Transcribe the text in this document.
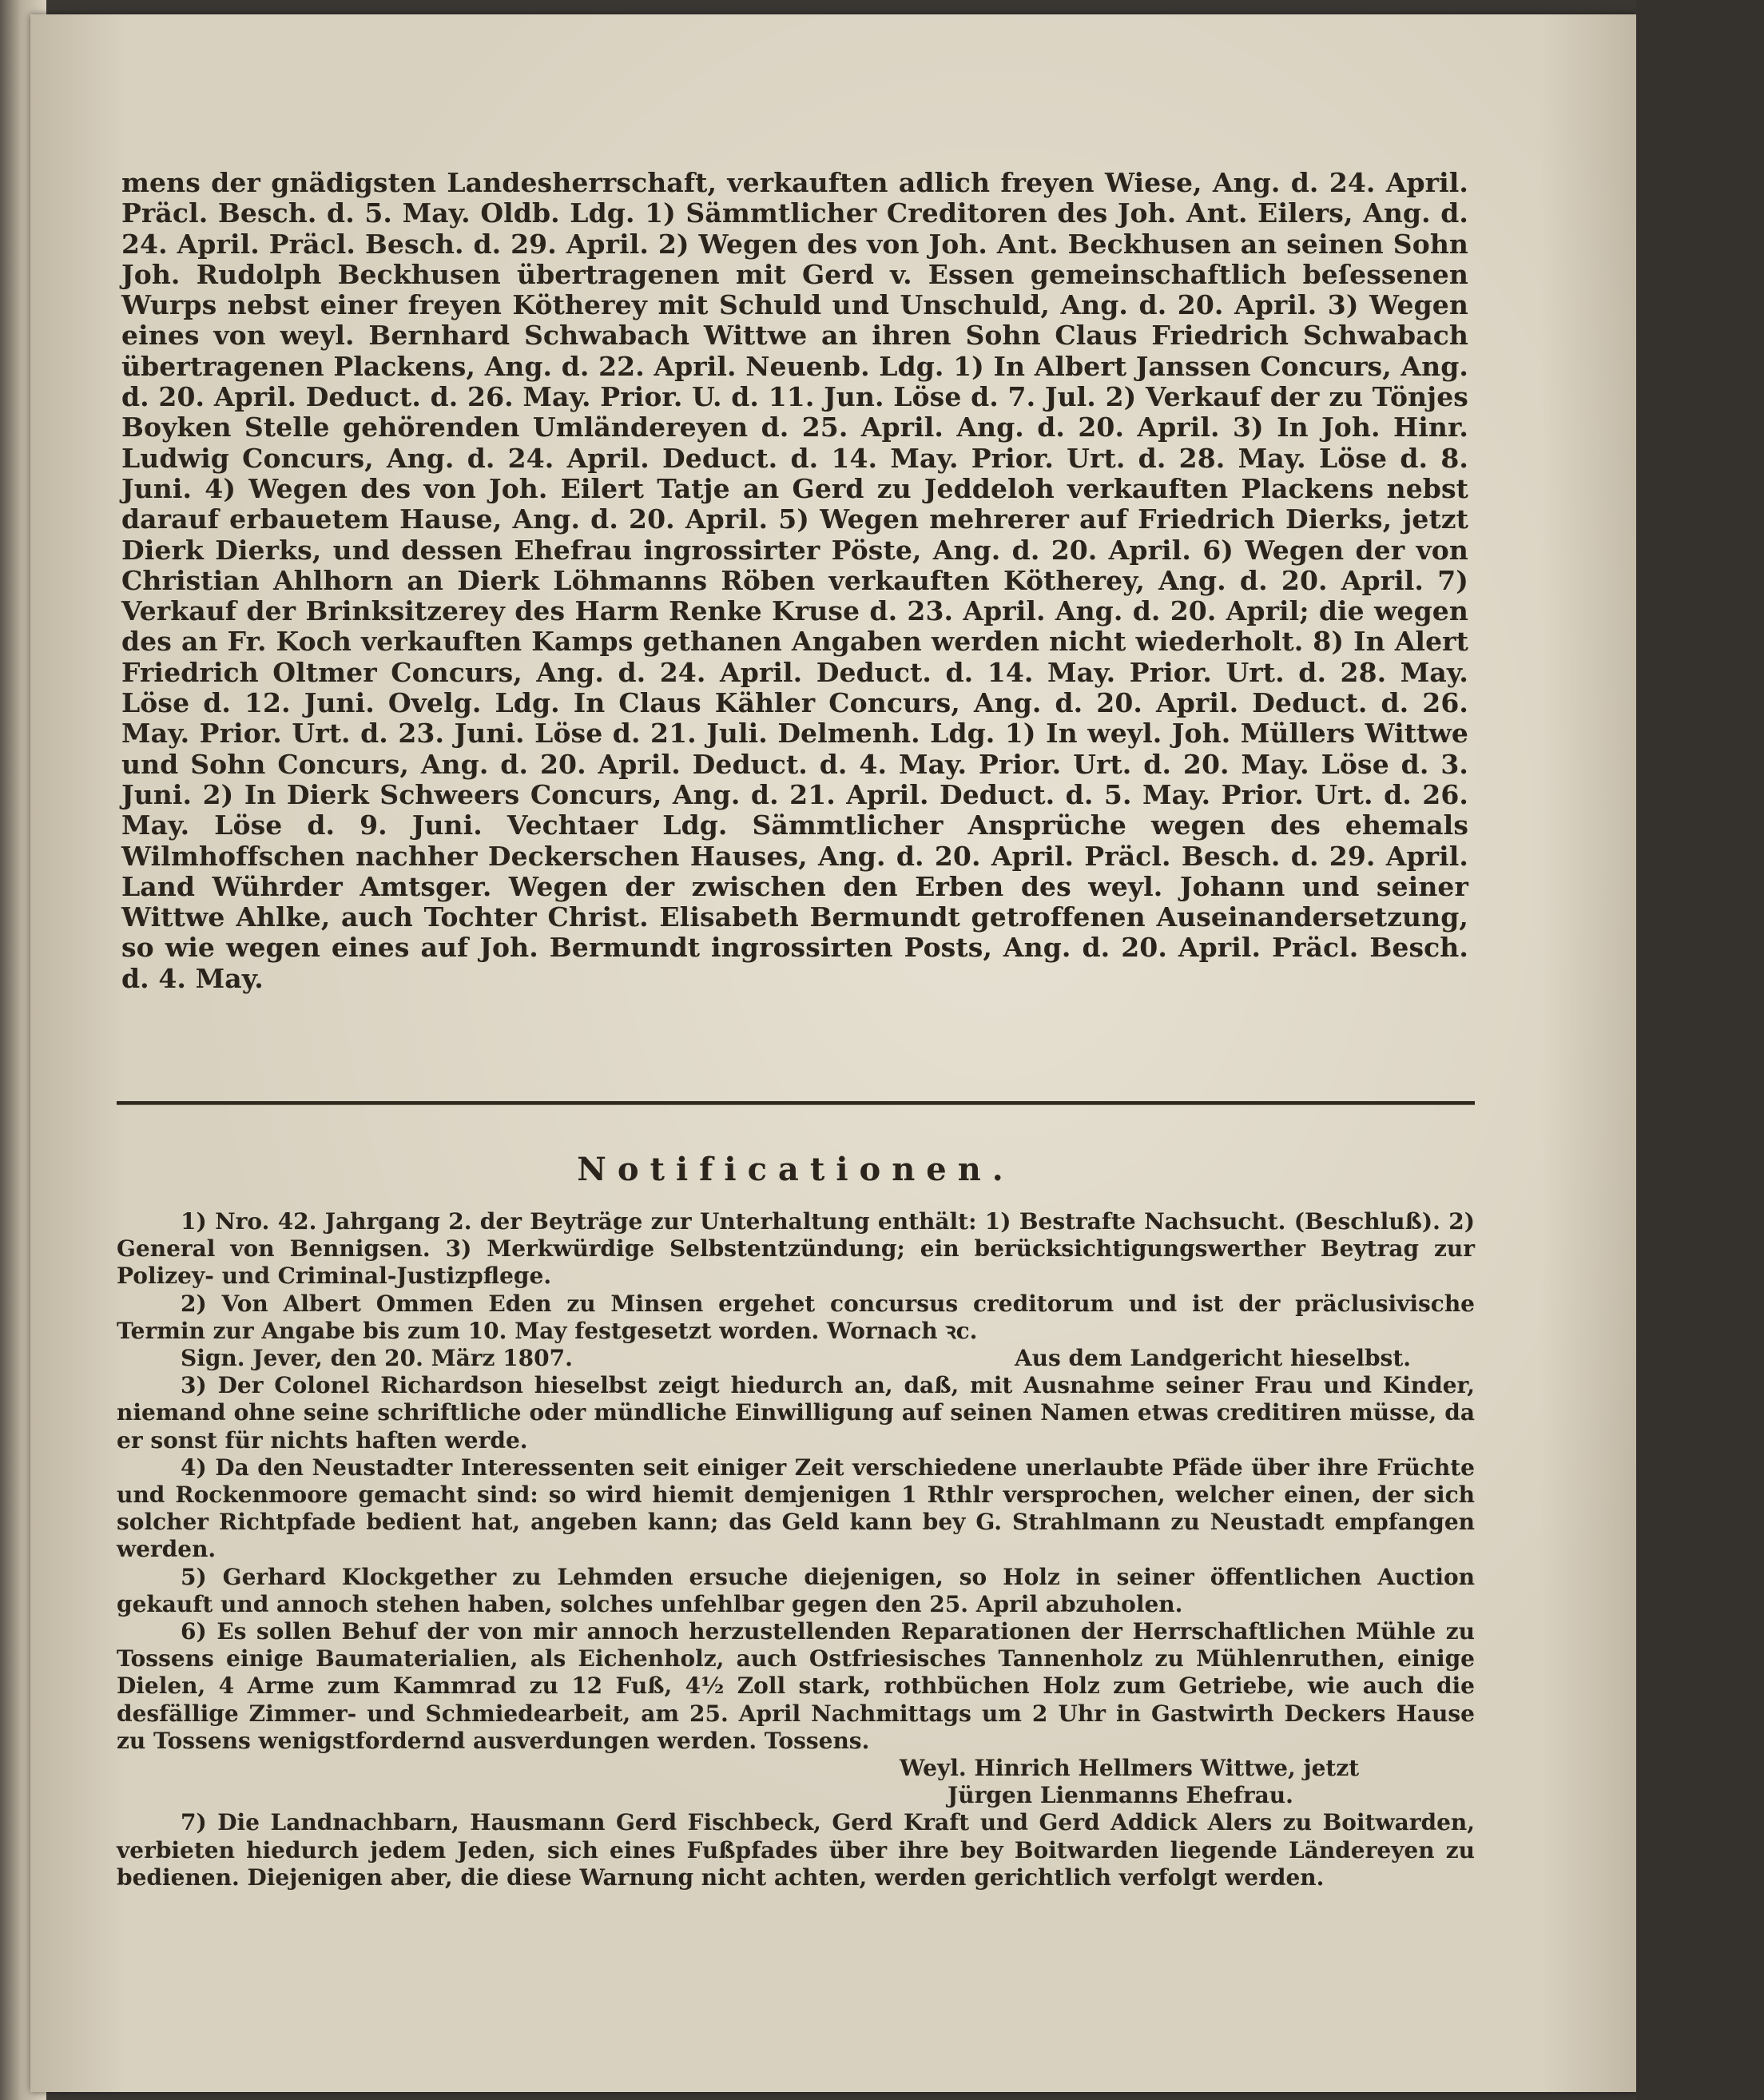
mens der gnädigsten Landesherrschaft, verkauften adlich freyen Wiese, Ang. d. 24. April. Präcl. Besch. d. 5. May. Oldb. Ldg. 1) Sämmtlicher Creditoren des Joh. Ant. Eilers, Ang. d. 24. April. Präcl. Besch. d. 29. April. 2) Wegen des von Joh. Ant. Beckhusen an seinen Sohn Joh. Rudolph Beckhusen übertragenen mit Gerd v. Essen gemeinschaftlich beſessenen Wurps nebst einer freyen Kötherey mit Schuld und Unschuld, Ang. d. 20. April. 3) Wegen eines von weyl. Bernhard Schwabach Wittwe an ihren Sohn Claus Friedrich Schwabach übertragenen Plackens, Ang. d. 22. April. Neuenb. Ldg. 1) In Albert Janssen Concurs, Ang. d. 20. April. Deduct. d. 26. May. Prior. U. d. 11. Jun. Löse d. 7. Jul. 2) Verkauf der zu Tönjes Boyken Stelle gehörenden Umländereyen d. 25. April. Ang. d. 20. April. 3) In Joh. Hinr. Ludwig Concurs, Ang. d. 24. April. Deduct. d. 14. May. Prior. Urt. d. 28. May. Löse d. 8. Juni. 4) Wegen des von Joh. Eilert Tatje an Gerd zu Jeddeloh verkauften Plackens nebst darauf erbauetem Hause, Ang. d. 20. April. 5) Wegen mehrerer auf Friedrich Dierks, jetzt Dierk Dierks, und dessen Ehefrau ingrossirter Pöste, Ang. d. 20. April. 6) Wegen der von Christian Ahlhorn an Dierk Löhmanns Röben verkauften Kötherey, Ang. d. 20. April. 7) Verkauf der Brinksitzerey des Harm Renke Kruse d. 23. April. Ang. d. 20. April; die wegen des an Fr. Koch verkauften Kamps gethanen Angaben werden nicht wiederholt. 8) In Alert Friedrich Oltmer Concurs, Ang. d. 24. April. Deduct. d. 14. May. Prior. Urt. d. 28. May. Löse d. 12. Juni. Ovelg. Ldg. In Claus Kähler Concurs, Ang. d. 20. April. Deduct. d. 26. May. Prior. Urt. d. 23. Juni. Löse d. 21. Juli. Delmenh. Ldg. 1) In weyl. Joh. Müllers Wittwe und Sohn Concurs, Ang. d. 20. April. Deduct. d. 4. May. Prior. Urt. d. 20. May. Löse d. 3. Juni. 2) In Dierk Schweers Concurs, Ang. d. 21. April. Deduct. d. 5. May. Prior. Urt. d. 26. May. Löse d. 9. Juni. Vechtaer Ldg. Sämmtlicher Ansprüche wegen des ehemals Wilmhoffschen nachher Deckerschen Hauses, Ang. d. 20. April. Präcl. Besch. d. 29. April. Land Wührder Amtsger. Wegen der zwischen den Erben des weyl. Johann und seiner Wittwe Ahlke, auch Tochter Christ. Elisabeth Bermundt getroffenen Auseinandersetzung, so wie wegen eines auf Joh. Bermundt ingrossirten Posts, Ang. d. 20. April. Präcl. Besch. d. 4. May.

Notificationen.

1) Nro. 42. Jahrgang 2. der Beyträge zur Unterhaltung enthält: 1) Bestrafte Nachsucht. (Beschluß). 2) General von Bennigsen. 3) Merkwürdige Selbstentzündung; ein berücksichtigungswerther Beytrag zur Polizey- und Criminal-Justizpflege.

2) Von Albert Ommen Eden zu Minsen ergehet concursus creditorum und ist der präclusivische Termin zur Angabe bis zum 10. May festgesetzt worden. Wornach ꝛc.

Sign. Jever, den 20. März 1807.	Aus dem Landgericht hieselbst.

3) Der Colonel Richardson hieselbst zeigt hiedurch an, daß, mit Ausnahme seiner Frau und Kinder, niemand ohne seine schriftliche oder mündliche Einwilligung auf seinen Namen etwas creditiren müsse, da er sonst für nichts haften werde.

4) Da den Neustadter Interessenten seit einiger Zeit verschiedene unerlaubte Pfäde über ihre Früchte und Rockenmoore gemacht sind: so wird hiemit demjenigen 1 Rthlr versprochen, welcher einen, der sich solcher Richtpfade bedient hat, angeben kann; das Geld kann bey G. Strahlmann zu Neustadt empfangen werden.

5) Gerhard Klockgether zu Lehmden ersuche diejenigen, so Holz in seiner öffentlichen Auction gekauft und annoch stehen haben, solches unfehlbar gegen den 25. April abzuholen.

6) Es sollen Behuf der von mir annoch herzustellenden Reparationen der Herrschaftlichen Mühle zu Tossens einige Baumaterialien, als Eichenholz, auch Ostfriesisches Tannenholz zu Mühlenruthen, einige Dielen, 4 Arme zum Kammrad zu 12 Fuß, 4½ Zoll stark, rothbüchen Holz zum Getriebe, wie auch die desfällige Zimmer- und Schmiedearbeit, am 25. April Nachmittags um 2 Uhr in Gastwirth Deckers Hause zu Tossens wenigstfordernd ausverdungen werden. Tossens.

Weyl. Hinrich Hellmers Wittwe, jetzt

Jürgen Lienmanns Ehefrau.

7) Die Landnachbarn, Hausmann Gerd Fischbeck, Gerd Kraft und Gerd Addick Alers zu Boitwarden, verbieten hiedurch jedem Jeden, sich eines Fußpfades über ihre bey Boitwarden liegende Ländereyen zu bedienen. Diejenigen aber, die diese Warnung nicht achten, werden gerichtlich verfolgt werden.
